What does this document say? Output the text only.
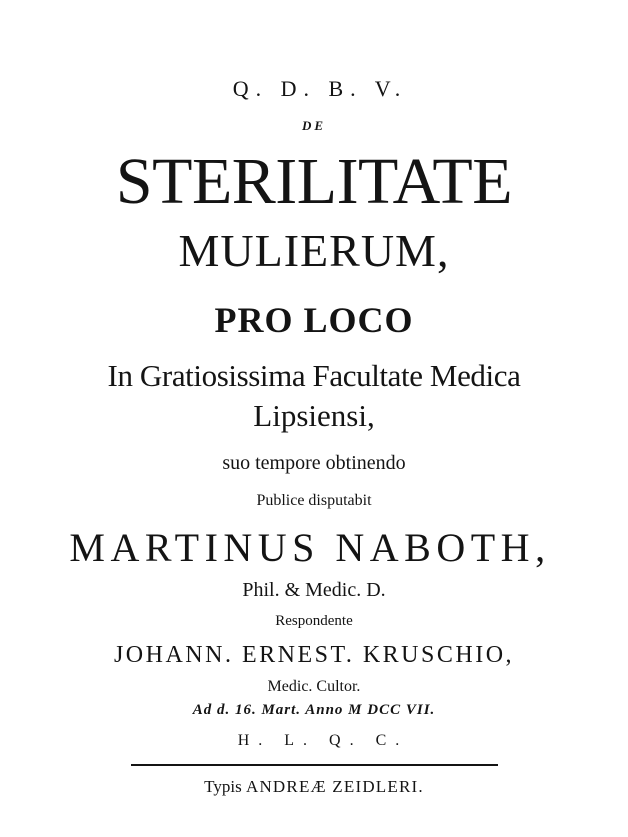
Q. D. B. V.
DE
STERILITATE
MULIERUM,
PRO LOCO
In Gratiosissima Facultate Medica
Lipsiensi,
suo tempore obtinendo
Publice disputabit
MARTINUS NABOTH,
Phil. & Medic. D.
Respondente
JOHANN. ERNEST. KRUSCHIO,
Medic. Cultor.
Ad d. 16. Mart. Anno M DCC VII.
H. L. Q. C.
Typis ANDREÆ ZEIDLERI.
